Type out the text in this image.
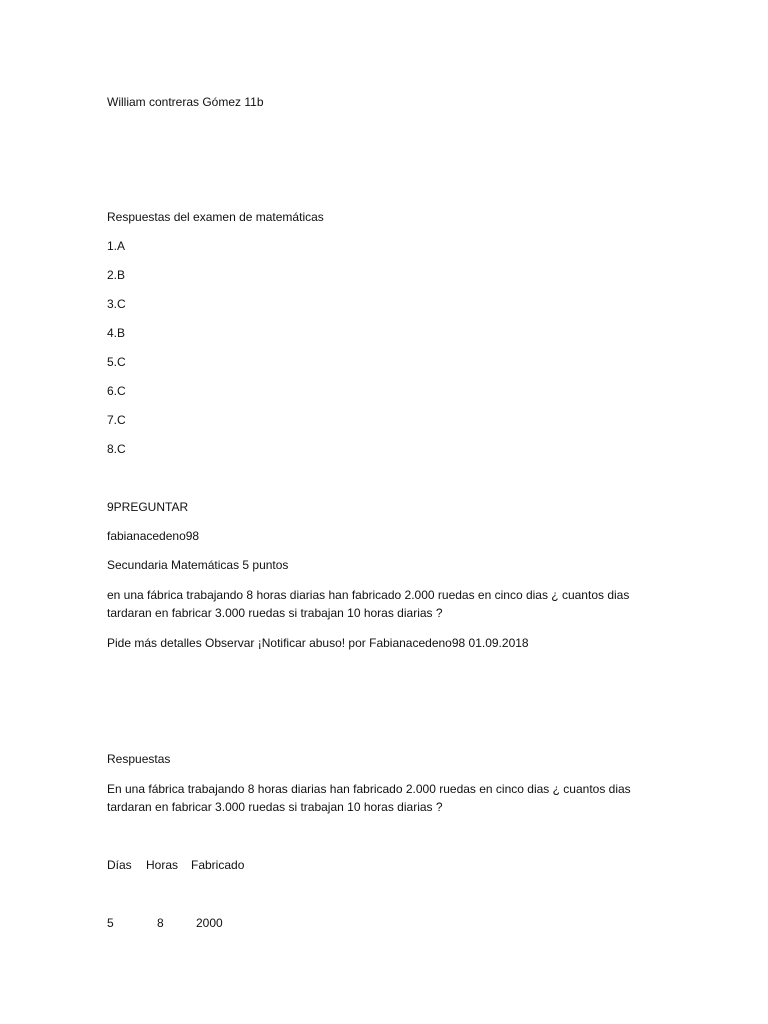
William contreras Gómez 11b
Respuestas del examen de matemáticas
1.A
2.B
3.C
4.B
5.C
6.C
7.C
8.C
9PREGUNTAR
fabianacedeno98
Secundaria Matemáticas 5 puntos
en una fábrica trabajando 8 horas diarias han fabricado 2.000 ruedas en cinco dias ¿ cuantos dias tardaran en fabricar 3.000 ruedas si trabajan 10 horas diarias ?
Pide más detalles Observar ¡Notificar abuso! por Fabianacedeno98 01.09.2018
Respuestas
En una fábrica trabajando 8 horas diarias han fabricado 2.000 ruedas en cinco dias ¿ cuantos dias tardaran en fabricar 3.000 ruedas si trabajan 10 horas diarias ?
Días Horas Fabricado
5	8	2000
